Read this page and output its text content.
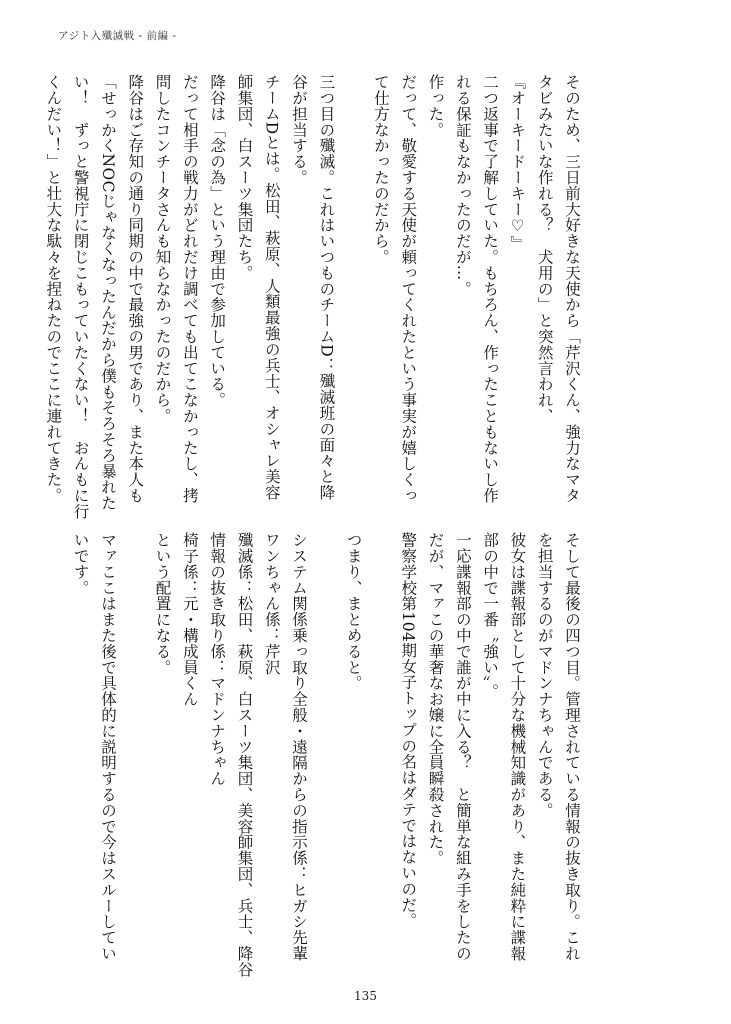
アジト入殲滅戦 - 前編 -
そのため、三日前大好きな天使から「芹沢くん、強力なマタ
タビみたいな作れる？　犬用の」と突然言われ、
『オーキードーキー♡』
二つ返事で了解していた。もちろん、作ったこともないし作
れる保証もなかったのだが…。
作った。
だって、敬愛する天使が頼ってくれたという事実が嬉しくっ
て仕方なかったのだから。

三つ目の殲滅。これはいつものチームD：殲滅班の面々と降
谷が担当する。
チームDとは。松田、萩原、人類最強の兵士、オシャレ美容
師集団、白スーツ集団たち。
降谷は「念の為」という理由で参加している。
だって相手の戦力がどれだけ調べても出てこなかったし、拷
問したコンチータさんも知らなかったのだから。
降谷はご存知の通り同期の中で最強の男であり、また本人も
「せっかくNOCじゃなくなったんだから僕もそろそろ暴れた
い！　ずっと警視庁に閉じこもっていたくない！　おんもに行
くんだい！」と壮大な駄々を捏ねたのでここに連れてきた。
そして最後の四つ目。管理されている情報の抜き取り。これ
を担当するのがマドンナちゃんである。
彼女は諜報部として十分な機械知識があり、また純粋に諜報
部の中で一番〝強い〟。
一応諜報部の中で誰が中に入る？　と簡単な組み手をしたの
だが、マァこの華奢なお嬢に全員瞬殺された。
警察学校第104期女子トップの名はダテではないのだ。

つまり、まとめると。

システム関係乗っ取り全般・遠隔からの指示係：ヒガシ先輩
ワンちゃん係：芹沢
殲滅係：松田、萩原、白スーツ集団、美容師集団、兵士、降谷
情報の抜き取り係：マドンナちゃん
椅子係：元・構成員くん
という配置になる。

マァここはまた後で具体的に説明するので今はスルーしてい
いです。
135
